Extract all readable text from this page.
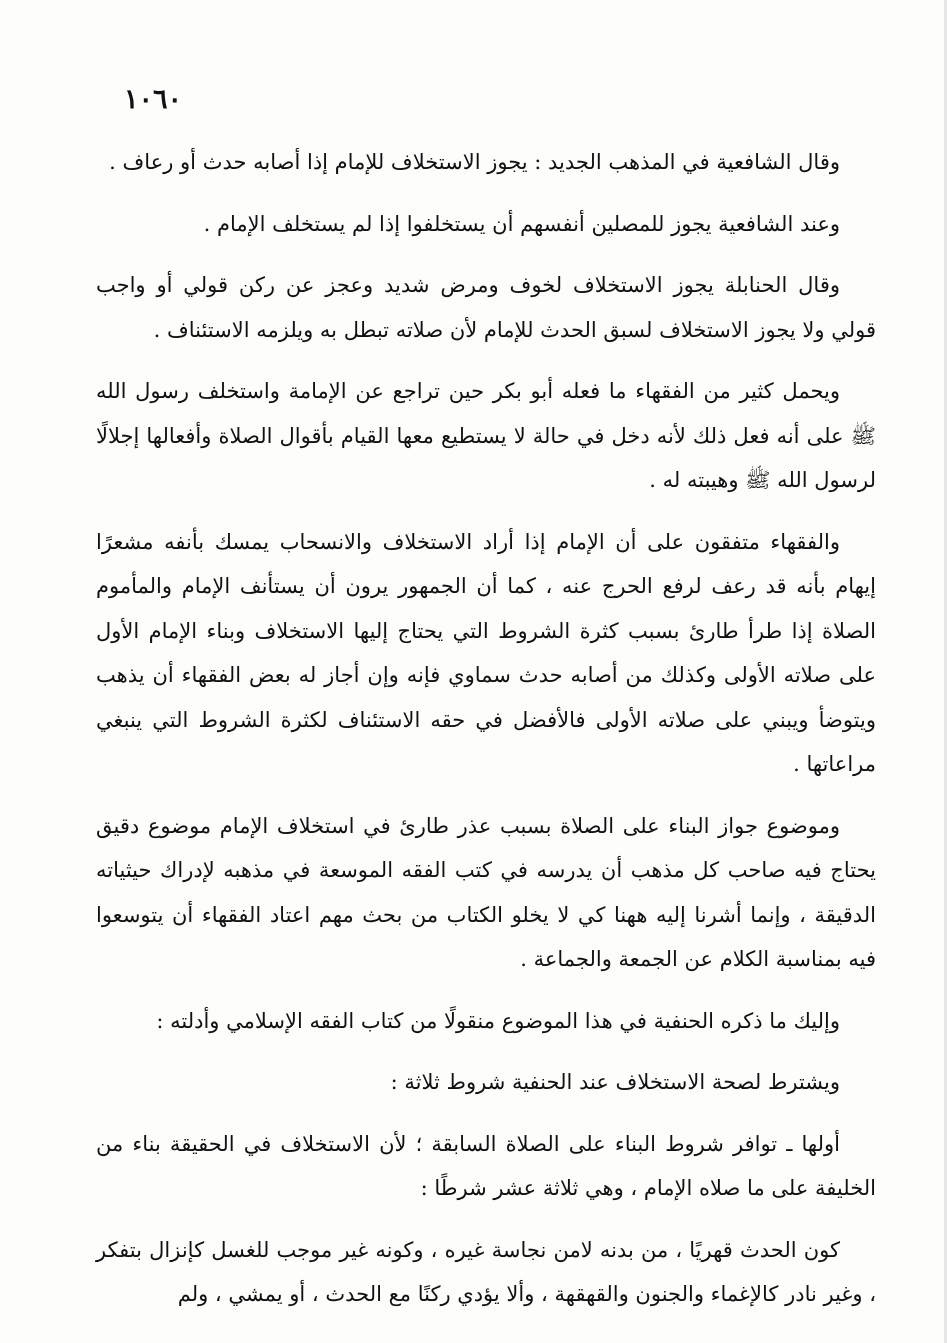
١٠٦٠

وقال الشافعية في المذهب الجديد : يجوز الاستخلاف للإمام إذا أصابه حدث أو رعاف .

وعند الشافعية يجوز للمصلين أنفسهم أن يستخلفوا إذا لم يستخلف الإمام .

وقال الحنابلة يجوز الاستخلاف لخوف ومرض شديد وعجز عن ركن قولي أو واجب قولي ولا يجوز الاستخلاف لسبق الحدث للإمام لأن صلاته تبطل به ويلزمه الاستئناف .

ويحمل كثير من الفقهاء ما فعله أبو بكر حين تراجع عن الإمامة واستخلف رسول الله ﷺ على أنه فعل ذلك لأنه دخل في حالة لا يستطيع معها القيام بأقوال الصلاة وأفعالها إجلالًا لرسول الله ﷺ وهيبته له .

والفقهاء متفقون على أن الإمام إذا أراد الاستخلاف والانسحاب يمسك بأنفه مشعرًا إيهام بأنه قد رعف لرفع الحرج عنه ، كما أن الجمهور يرون أن يستأنف الإمام والمأموم الصلاة إذا طرأ طارئ بسبب كثرة الشروط التي يحتاج إليها الاستخلاف وبناء الإمام الأول على صلاته الأولى وكذلك من أصابه حدث سماوي فإنه وإن أجاز له بعض الفقهاء أن يذهب ويتوضأ ويبني على صلاته الأولى فالأفضل في حقه الاستئناف لكثرة الشروط التي ينبغي مراعاتها .

وموضوع جواز البناء على الصلاة بسبب عذر طارئ في استخلاف الإمام موضوع دقيق يحتاج فيه صاحب كل مذهب أن يدرسه في كتب الفقه الموسعة في مذهبه لإدراك حيثياته الدقيقة ، وإنما أشرنا إليه ههنا كي لا يخلو الكتاب من بحث مهم اعتاد الفقهاء أن يتوسعوا فيه بمناسبة الكلام عن الجمعة والجماعة .

وإليك ما ذكره الحنفية في هذا الموضوع منقولًا من كتاب الفقه الإسلامي وأدلته :

ويشترط لصحة الاستخلاف عند الحنفية شروط ثلاثة :

أولها ـ توافر شروط البناء على الصلاة السابقة ؛ لأن الاستخلاف في الحقيقة بناء من الخليفة على ما صلاه الإمام ، وهي ثلاثة عشر شرطًا :

كون الحدث قهريًا ، من بدنه لامن نجاسة غيره ، وكونه غير موجب للغسل كإنزال بتفكر ، وغير نادر كالإغماء والجنون والقهقهة ، وألا يؤدي ركنًا مع الحدث ، أو يمشي ، ولم
